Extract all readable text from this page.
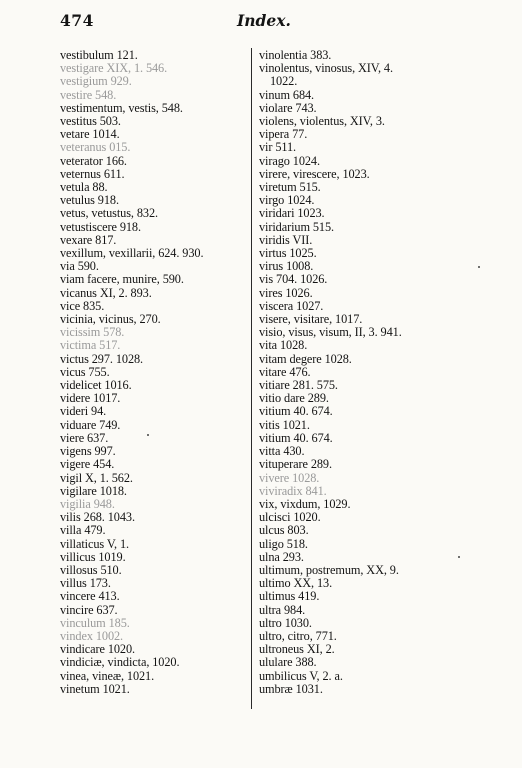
474	Index.
vestibulum 121.
vestigare XIX, 1. 546.
vestigium 929.
vestire 548.
vestimentum, vestis, 548.
vestitus 503.
vetare 1014.
veteranus 015.
veterator 166.
veternus 611.
vetula 88.
vetulus 918.
vetus, vetustus, 832.
vetustiscere 918.
vexare 817.
vexillum, vexillarii, 624. 930.
via 590.
viam facere, munire, 590.
vicanus XI, 2. 893.
vice 835.
vicinia, vicinus, 270.
vicissim 578.
victima 517.
victus 297. 1028.
vicus 755.
videlicet 1016.
videre 1017.
videri 94.
viduare 749.
viere 637.
vigens 997.
vigere 454.
vigil X, 1. 562.
vigilare 1018.
vigilia 948.
vilis 268. 1043.
villa 479.
villaticus V, 1.
villicus 1019.
villosus 510.
villus 173.
vincere 413.
vincire 637.
vinculum 185.
vindex 1002.
vindicare 1020.
vindiciæ, vindicta, 1020.
vinea, vineæ, 1021.
vinetum 1021.
vinolentia 383.
vinolentus, vinosus, XIV, 4.
1022.
vinum 684.
violare 743.
violens, violentus, XIV, 3.
vipera 77.
vir 511.
virago 1024.
virere, virescere, 1023.
viretum 515.
virgo 1024.
viridari 1023.
viridarium 515.
viridis VII.
virtus 1025.
virus 1008.
vis 704. 1026.
vires 1026.
viscera 1027.
visere, visitare, 1017.
visio, visus, visum, II, 3. 941.
vita 1028.
vitam degere 1028.
vitare 476.
vitiare 281. 575.
vitio dare 289.
vitium 40. 674.
vitis 1021.
vitium 40. 674.
vitta 430.
vituperare 289.
vivere 1028.
viviradix 841.
vix, vixdum, 1029.
ulcisci 1020.
ulcus 803.
uligo 518.
ulna 293.
ultimum, postremum, XX, 9.
ultimo XX, 13.
ultimus 419.
ultra 984.
ultro 1030.
ultro, citro, 771.
ultroneus XI, 2.
ululare 388.
umbilicus V, 2. a.
umbræ 1031.
